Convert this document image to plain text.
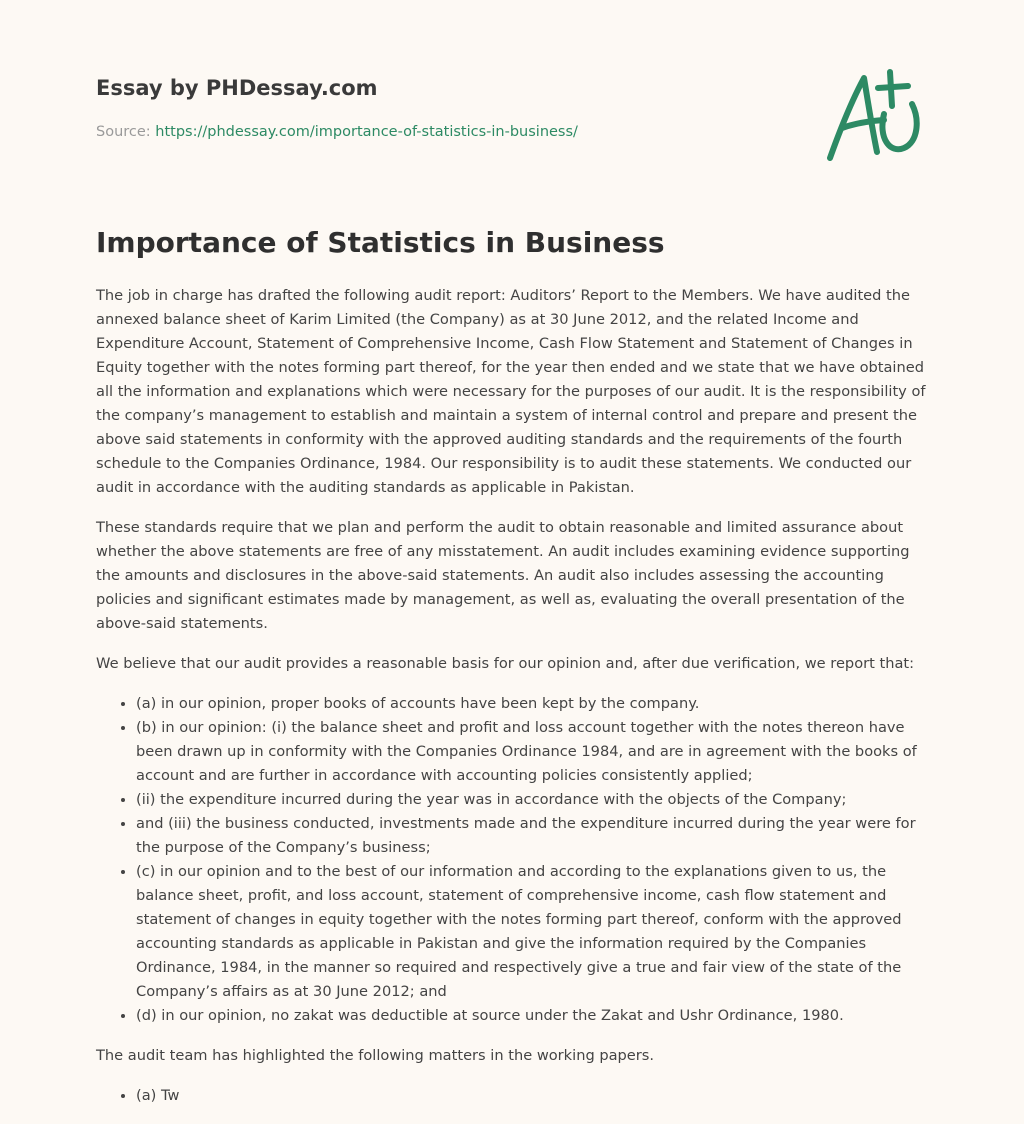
Essay by PHDessay.com
Source: https://phdessay.com/importance-of-statistics-in-business/
Importance of Statistics in Business

The job in charge has drafted the following audit report: Auditors’ Report to the Members. We have audited the annexed balance sheet of Karim Limited (the Company) as at 30 June 2012, and the related Income and Expenditure Account, Statement of Comprehensive Income, Cash Flow Statement and Statement of Changes in Equity together with the notes forming part thereof, for the year then ended and we state that we have obtained all the information and explanations which were necessary for the purposes of our audit. It is the responsibility of the company’s management to establish and maintain a system of internal control and prepare and present the above said statements in conformity with the approved auditing standards and the requirements of the fourth schedule to the Companies Ordinance, 1984. Our responsibility is to audit these statements. We conducted our audit in accordance with the auditing standards as applicable in Pakistan.

These standards require that we plan and perform the audit to obtain reasonable and limited assurance about whether the above statements are free of any misstatement. An audit includes examining evidence supporting the amounts and disclosures in the above-said statements. An audit also includes assessing the accounting policies and significant estimates made by management, as well as, evaluating the overall presentation of the above-said statements.

We believe that our audit provides a reasonable basis for our opinion and, after due verification, we report that:

• (a) in our opinion, proper books of accounts have been kept by the company.
• (b) in our opinion: (i) the balance sheet and profit and loss account together with the notes thereon have been drawn up in conformity with the Companies Ordinance 1984, and are in agreement with the books of account and are further in accordance with accounting policies consistently applied;
• (ii) the expenditure incurred during the year was in accordance with the objects of the Company;
• and (iii) the business conducted, investments made and the expenditure incurred during the year were for the purpose of the Company’s business;
• (c) in our opinion and to the best of our information and according to the explanations given to us, the balance sheet, profit, and loss account, statement of comprehensive income, cash flow statement and statement of changes in equity together with the notes forming part thereof, conform with the approved accounting standards as applicable in Pakistan and give the information required by the Companies Ordinance, 1984, in the manner so required and respectively give a true and fair view of the state of the Company’s affairs as at 30 June 2012; and
• (d) in our opinion, no zakat was deductible at source under the Zakat and Ushr Ordinance, 1980.

The audit team has highlighted the following matters in the working papers.

• (a) Tw
